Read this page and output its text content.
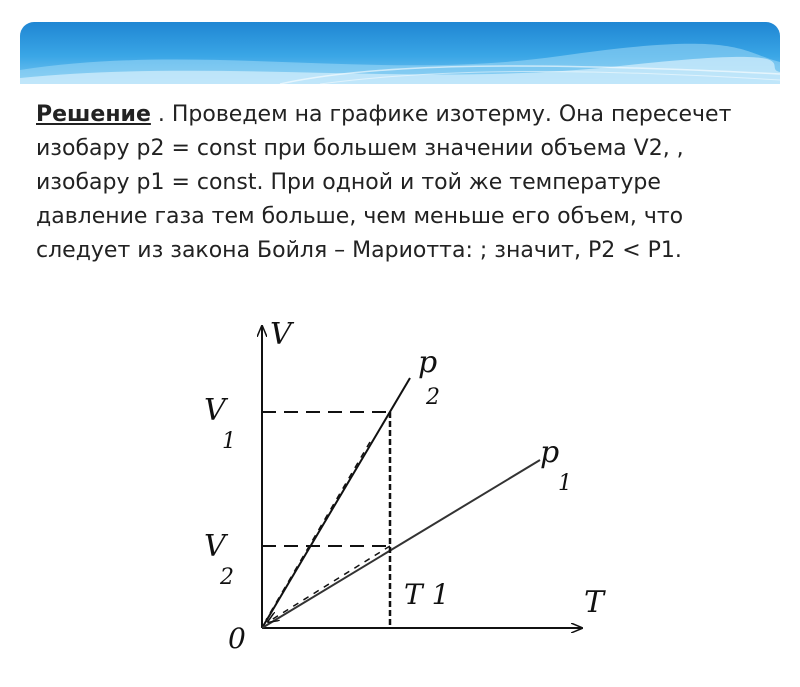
Решение . Проведем на графике изотерму. Она пересечет

изобару p2 = const при большем значении объема V2, ,

изобару p1 = const. При одной и той же температуре

давление газа тем больше, чем меньше его объем, что

следует из закона Бойля – Мариотта: ; значит, P2 < P1.

V
T
0
V
1
V
2
T 1
p
2
p
1
